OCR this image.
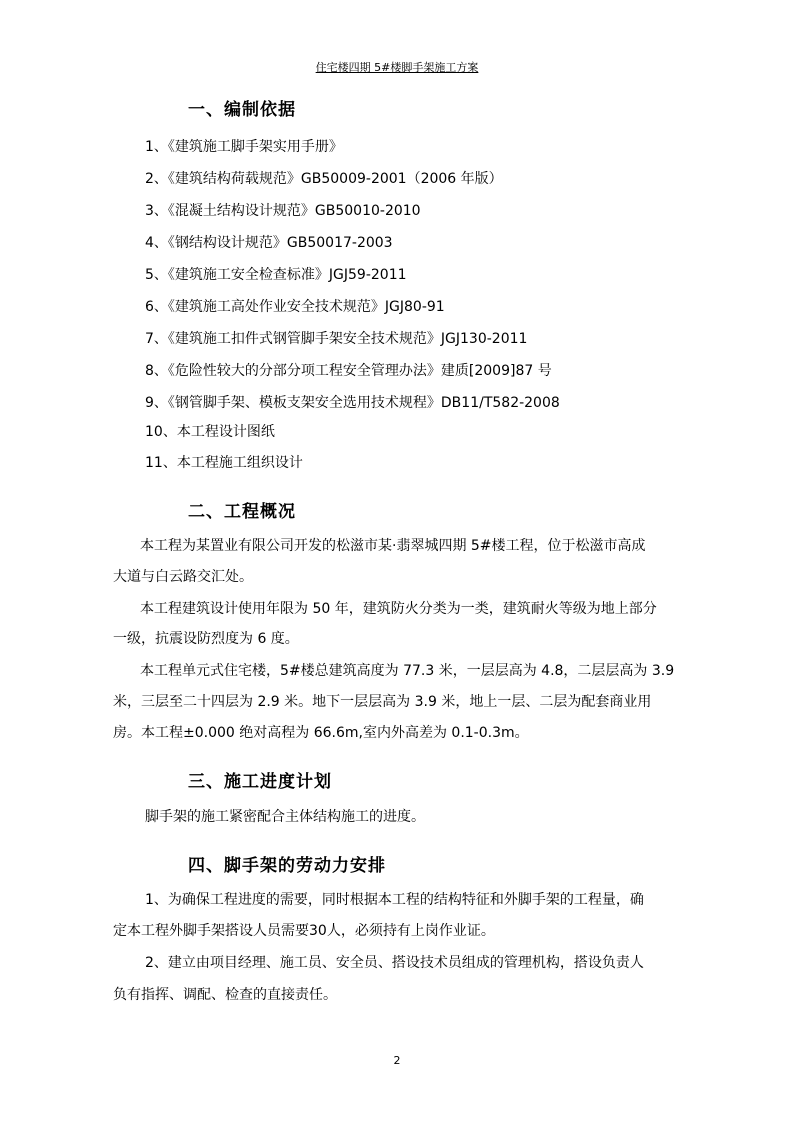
住宅楼四期 5#楼脚手架施工方案
一、编制依据
1、《建筑施工脚手架实用手册》
2、《建筑结构荷载规范》GB50009-2001（2006 年版）
3、《混凝土结构设计规范》GB50010-2010
4、《钢结构设计规范》GB50017-2003
5、《建筑施工安全检查标准》JGJ59-2011
6、《建筑施工高处作业安全技术规范》JGJ80-91
7、《建筑施工扣件式钢管脚手架安全技术规范》JGJ130-2011
8、《危险性较大的分部分项工程安全管理办法》建质[2009]87 号
9、《钢管脚手架、模板支架安全选用技术规程》DB11/T582-2008
10、本工程设计图纸
11、本工程施工组织设计
二、工程概况
本工程为某置业有限公司开发的松滋市某·翡翠城四期 5#楼工程，位于松滋市高成
大道与白云路交汇处。
本工程建筑设计使用年限为 50 年，建筑防火分类为一类，建筑耐火等级为地上部分
一级，抗震设防烈度为 6 度。
本工程单元式住宅楼，5#楼总建筑高度为 77.3 米，一层层高为 4.8，二层层高为 3.9
米，三层至二十四层为 2.9 米。地下一层层高为 3.9 米，地上一层、二层为配套商业用
房。本工程±0.000 绝对高程为 66.6m,室内外高差为 0.1-0.3m。
三、施工进度计划
脚手架的施工紧密配合主体结构施工的进度。
四、脚手架的劳动力安排
1、为确保工程进度的需要，同时根据本工程的结构特征和外脚手架的工程量，确
定本工程外脚手架搭设人员需要30人，必须持有上岗作业证。
2、建立由项目经理、施工员、安全员、搭设技术员组成的管理机构，搭设负责人
负有指挥、调配、检查的直接责任。
2
